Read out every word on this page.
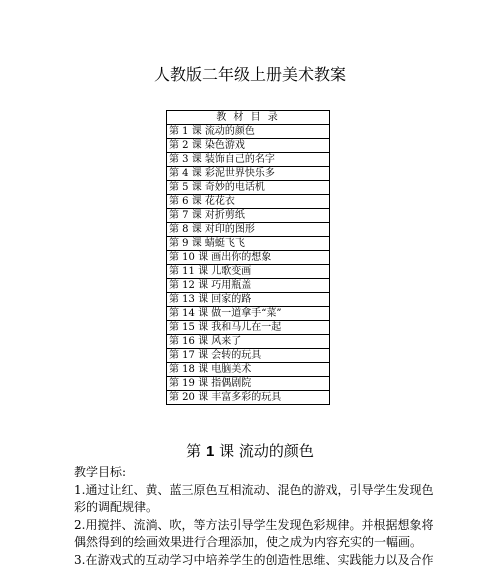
人教版二年级上册美术教案
教 材 目 录
第 1 课 流动的颜色
第 2 课 染色游戏
第 3 课 装饰自己的名字
第 4 课 彩泥世界快乐多
第 5 课 奇妙的电话机
第 6 课 花花衣
第 7 课 对折剪纸
第 8 课 对印的图形
第 9 课 蜻蜓飞飞
第 10 课 画出你的想象
第 11 课 儿歌变画
第 12 课 巧用瓶盖
第 13 课 回家的路
第 14 课 做一道拿手“菜”
第 15 课 我和马儿在一起
第 16 课 风来了
第 17 课 会转的玩具
第 18 课 电脑美术
第 19 课 指偶剧院
第 20 课 丰富多彩的玩具
第 1 课 流动的颜色

教学目标:

1.通过让红、黄、蓝三原色互相流动、混色的游戏，引导学生发现色彩的调配规律。

2.用搅拌、流淌、吹，等方法引导学生发现色彩规律。并根据想象将偶然得到的绘画效果进行合理添加，使之成为内容充实的一幅画。

3.在游戏式的互动学习中培养学生的创造性思维、实践能力以及合作
